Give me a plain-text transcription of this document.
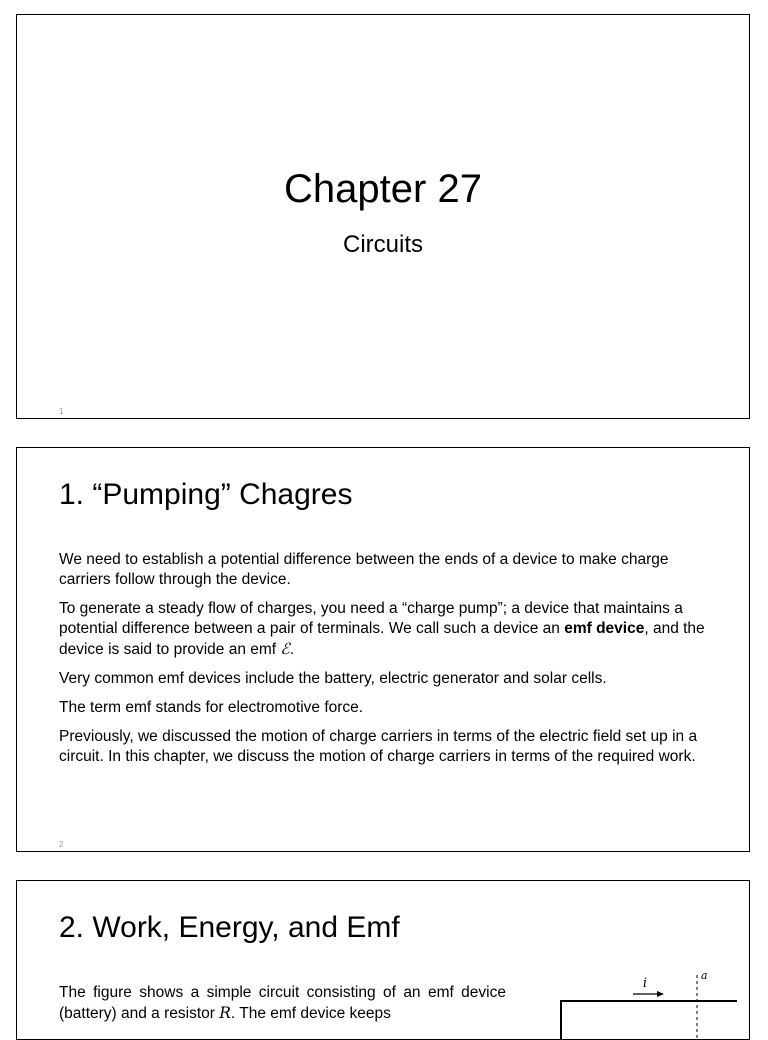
Chapter 27
Circuits
1
1. “Pumping” Chagres

We need to establish a potential difference between the ends of a device to make charge carriers follow through the device.

To generate a steady flow of charges, you need a “charge pump”; a device that maintains a potential difference between a pair of terminals. We call such a device an emf device, and the device is said to provide an emf ℰ.

Very common emf devices include the battery, electric generator and solar cells.

The term emf stands for electromotive force.

Previously, we discussed the motion of charge carriers in terms of the electric field set up in a circuit. In this chapter, we discuss the motion of charge carriers in terms of the required work.

2
2. Work, Energy, and Emf
The figure shows a simple circuit consisting of an emf device (battery) and a resistor R. The emf device keeps
i
a
